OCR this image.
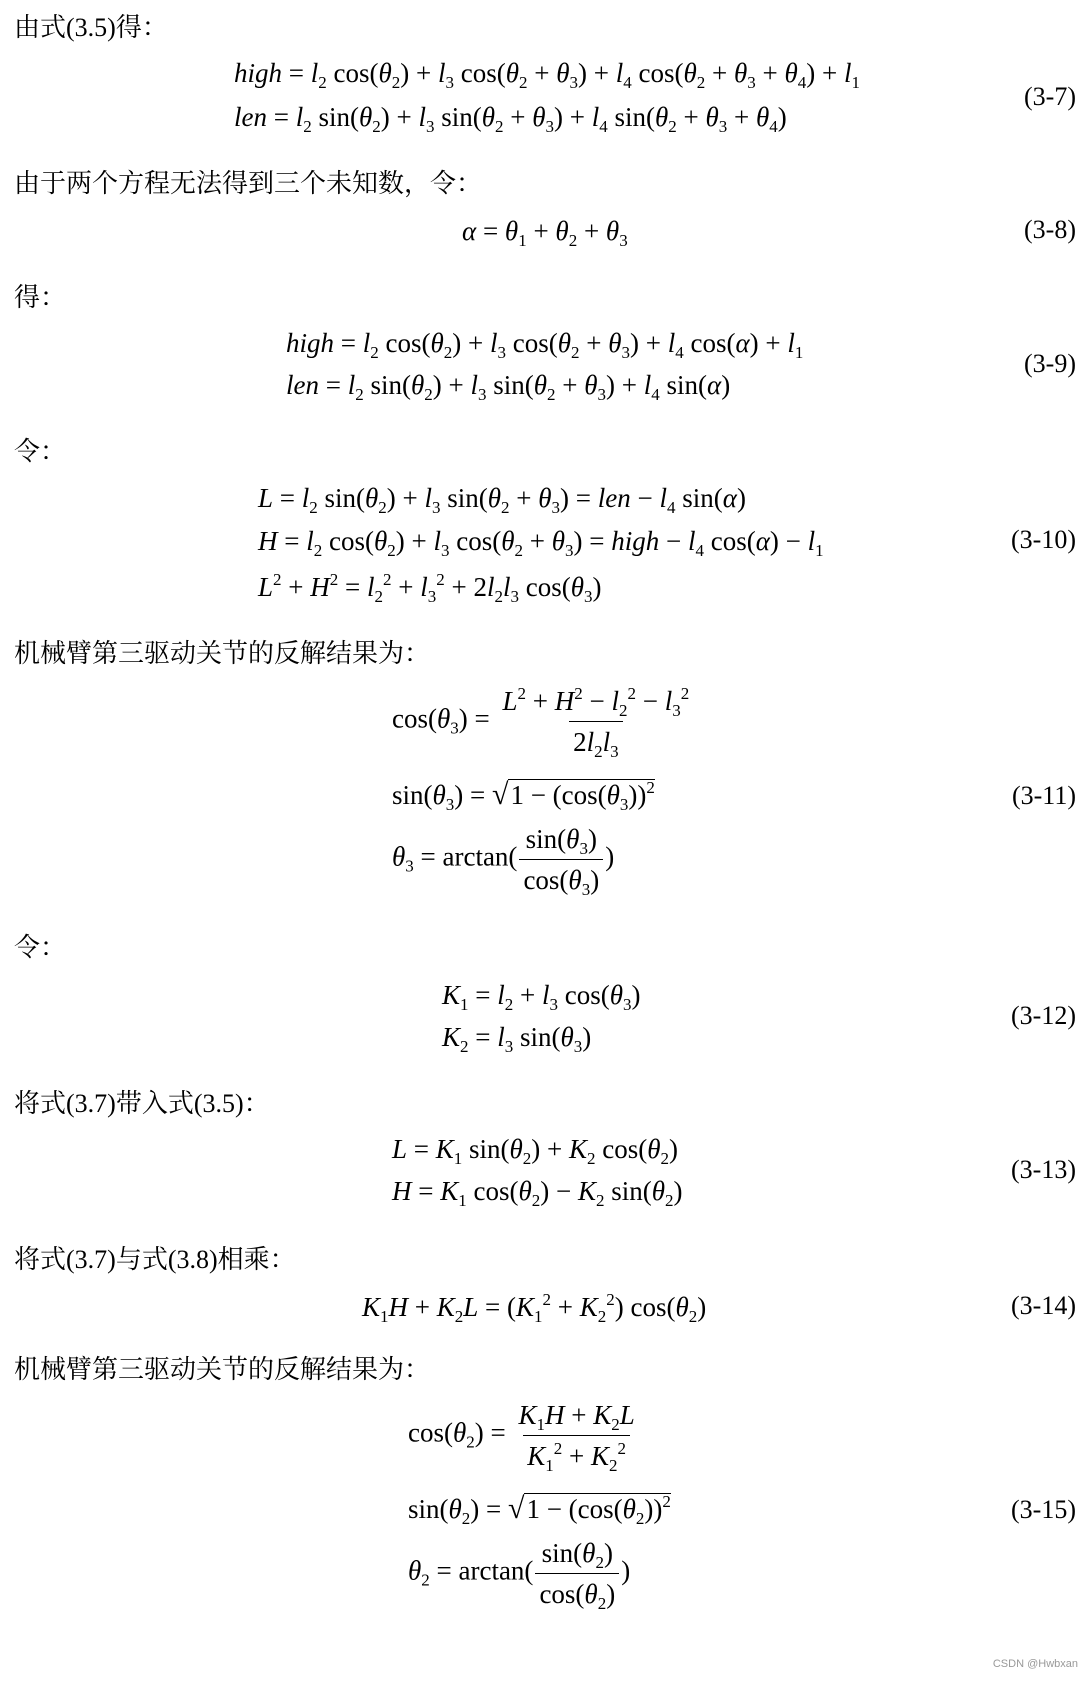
由式(3.5)得：
high = $l_2$ $\cos(\theta_2) + l_3$ $\cos(\theta_2 + \theta_3) + l_4$ $\cos(\theta_2 + \theta_3 + \theta_4) + l_1$
len = $l_2$ $\sin(\theta_2) + l_3$ $\sin(\theta_2 + \theta_3) + l_4$ $\sin(\theta_2 + \theta_3 + \theta_4)$
(3-7)
由于两个方程无法得到三个未知数，令：
$\alpha = \theta_1 + \theta_2 + \theta_3$	(3-8)
得：
high = $l_2$ $\cos(\theta_2) + l_3$ $\cos(\theta_2 + \theta_3) + l_4$ $\cos(\alpha) + l_1$
len = $l_2$ $\sin(\theta_2) + l_3$ $\sin(\theta_2 + \theta_3) + l_4$ sin(α)
(3-9)
令：
$L = l_2$ $\sin(\theta_2) + l_3$ $\sin(\theta_2 + \theta_3)$ = len − $l_4$ sin(α)
$H = l_2$ $\cos(\theta_2) + l_3$ $\cos(\theta_2 + \theta_3)$ = high − $l_4$ $\cos(\alpha) - l_1$
$L^2 + H^2 = l_2^2 + l_3^2 + 2l_2l_3$ $\cos(\theta_3)$
(3-10)
机械臂第三驱动关节的反解结果为：
$\cos(\theta_3) = \frac{L^2 + H^2 - l_2^2 - l_3^2}{2l_2l_3}$
$\sin(\theta_3) = √1 - (\cos(\theta_3))^2$
$\theta_3 = \arctan( \frac{\sin(\theta_3)}{\cos(\theta_3)}$ )
(3-11)
令：
$K_1 = l_2 + l_3$ $\cos(\theta_3)$
$K_2 = l_3$ $\sin(\theta_3)$
(3-12)
将式(3.7)带入式(3.5)：
$L = K_1$ $\sin(\theta_2) + K_2$ $\cos(\theta_2)$
$H = K_1$ $\cos(\theta_2) - K_2$ $\sin(\theta_2)$
(3-13)
将式(3.7)与式(3.8)相乘：
$K_1H + K_2L = (K_1^2 + K_2^2)$ $\cos(\theta_2)$	(3-14)
机械臂第三驱动关节的反解结果为：
$\cos(\theta_2) = \frac{K_1H + K_2L}{K_1^2 + K_2^2}$
$\sin(\theta_2) = √1 - (\cos(\theta_2))^2$
$\theta_2 = \arctan( \frac{\sin(\theta_2)}{\cos(\theta_2)}$ )
(3-15)
CSDN @Hwbxan
